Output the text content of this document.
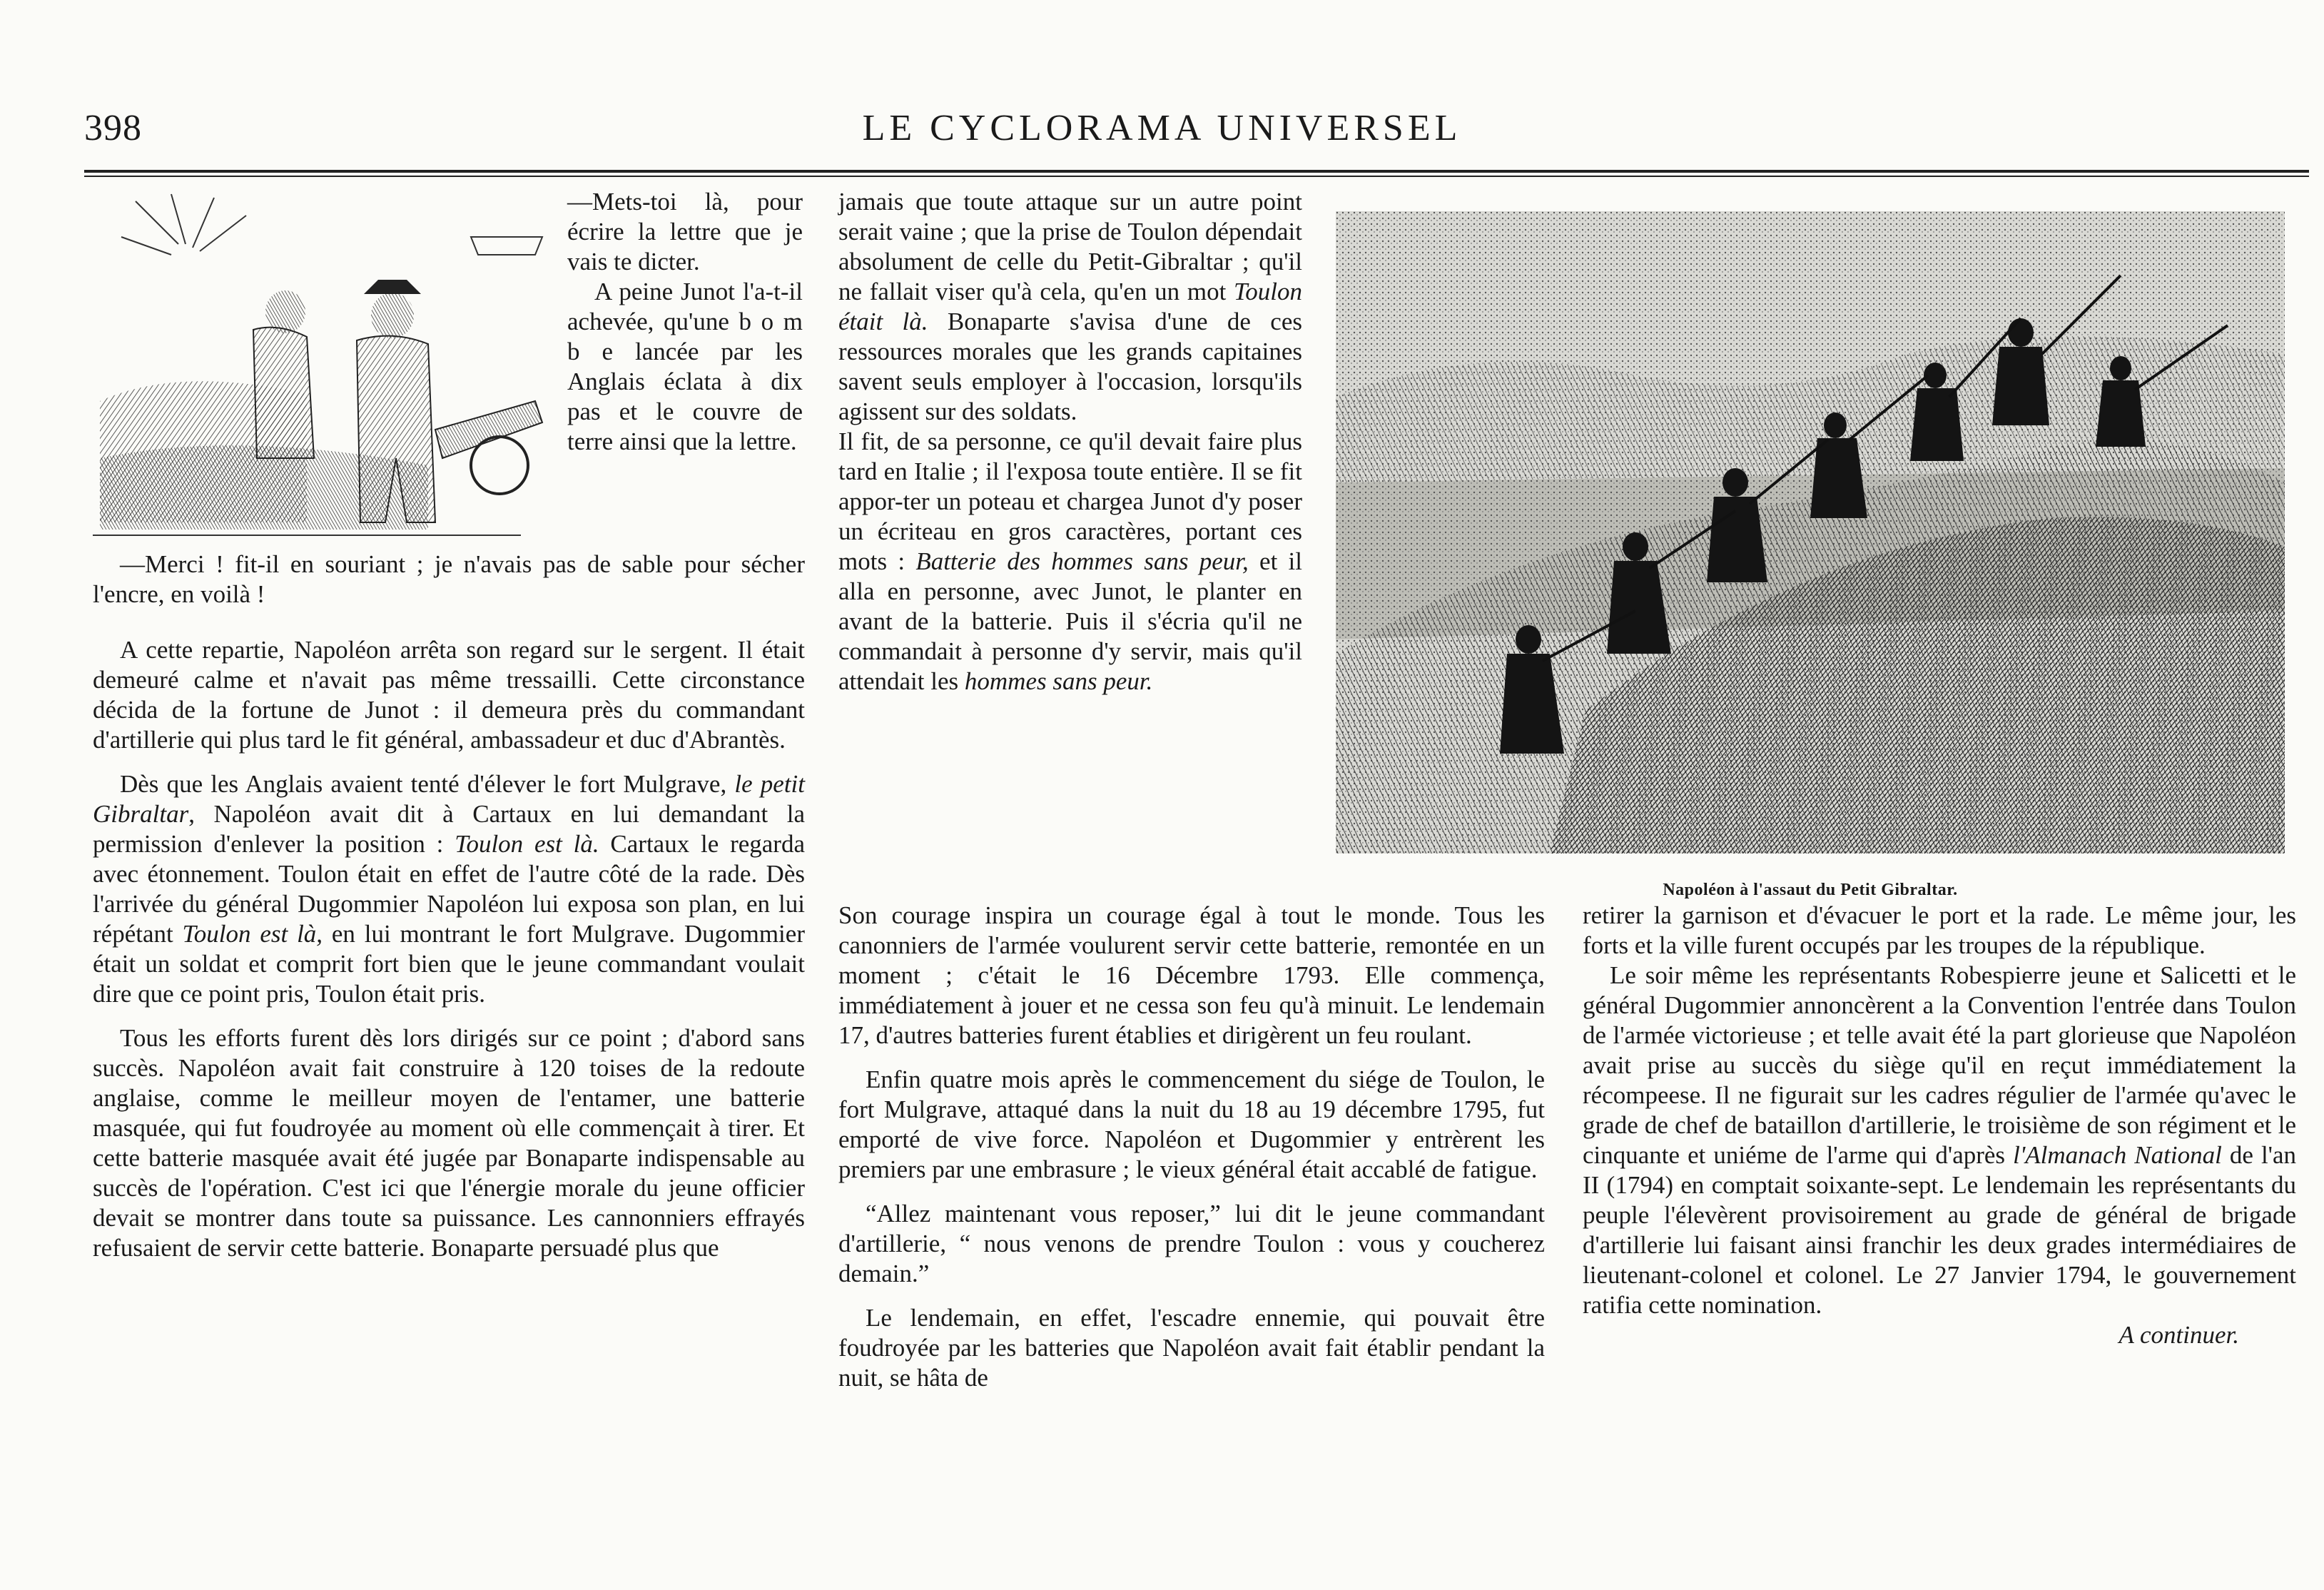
398	LE CYCLORAMA UNIVERSEL

—Mets-toi là, pour écrire la lettre que je vais te dicter.

A peine Junot l'a-t-il achevée, qu'une b o m b e lancée par les Anglais éclata à dix pas et le couvre de terre ainsi que la lettre.

—Merci ! fit-il en souriant ; je n'avais pas de sable pour sécher l'encre, en voilà !

A cette repartie, Napoléon arrêta son regard sur le sergent. Il était demeuré calme et n'avait pas même tressailli. Cette circonstance décida de la fortune de Junot : il demeura près du commandant d'artillerie qui plus tard le fit général, ambassadeur et duc d'Abrantès.

Dès que les Anglais avaient tenté d'élever le fort Mulgrave, le petit Gibraltar, Napoléon avait dit à Cartaux en lui demandant la permission d'enlever la position : Toulon est là. Cartaux le regarda avec étonnement. Toulon était en effet de l'autre côté de la rade. Dès l'arrivée du général Dugommier Napoléon lui exposa son plan, en lui répétant Toulon est là, en lui montrant le fort Mulgrave. Dugommier était un soldat et comprit fort bien que le jeune commandant voulait dire que ce point pris, Toulon était pris.

Tous les efforts furent dès lors dirigés sur ce point ; d'abord sans succès. Napoléon avait fait construire à 120 toises de la redoute anglaise, comme le meilleur moyen de l'entamer, une batterie masquée, qui fut foudroyée au moment où elle commençait à tirer. Et cette batterie masquée avait été jugée par Bonaparte indispensable au succès de l'opération. C'est ici que l'énergie morale du jeune officier devait se montrer dans toute sa puissance. Les cannonniers effrayés refusaient de servir cette batterie. Bonaparte persuadé plus que

jamais que toute attaque sur un autre point serait vaine ; que la prise de Toulon dépendait absolument de celle du Petit-Gibraltar ; qu'il ne fallait viser qu'à cela, qu'en un mot Toulon était là. Bonaparte s'avisa d'une de ces ressources morales que les grands capitaines savent seuls employer à l'occasion, lorsqu'ils agissent sur des soldats.

Il fit, de sa personne, ce qu'il devait faire plus tard en Italie ; il l'exposa toute entière. Il se fit appor-ter un poteau et chargea Junot d'y poser un écriteau en gros caractères, portant ces mots : Batterie des hommes sans peur, et il alla en personne, avec Junot, le planter en avant de la batterie. Puis il s'écria qu'il ne commandait à personne d'y servir, mais qu'il attendait les hommes sans peur.

Napoléon à l'assaut du Petit Gibraltar.

Son courage inspira un courage égal à tout le monde. Tous les canonniers de l'armée voulurent servir cette batterie, remontée en un moment ; c'était le 16 Décembre 1793. Elle commença, immédiatement à jouer et ne cessa son feu qu'à minuit. Le lendemain 17, d'autres batteries furent établies et dirigèrent un feu roulant.

Enfin quatre mois après le commencement du siége de Toulon, le fort Mulgrave, attaqué dans la nuit du 18 au 19 décembre 1795, fut emporté de vive force. Napoléon et Dugommier y entrèrent les premiers par une embrasure ; le vieux général était accablé de fatigue.

“Allez maintenant vous reposer,” lui dit le jeune commandant d'artillerie, “ nous venons de prendre Toulon : vous y coucherez demain.”

Le lendemain, en effet, l'escadre ennemie, qui pouvait être foudroyée par les batteries que Napoléon avait fait établir pendant la nuit, se hâta de

retirer la garnison et d'évacuer le port et la rade. Le même jour, les forts et la ville furent occupés par les troupes de la république.

Le soir même les représentants Robespierre jeune et Salicetti et le général Dugommier annoncèrent a la Convention l'entrée dans Toulon de l'armée victorieuse ; et telle avait été la part glorieuse que Napoléon avait prise au succès du siège qu'il en reçut immédiatement la récompeese. Il ne figurait sur les cadres régulier de l'armée qu'avec le grade de chef de bataillon d'artillerie, le troisième de son régiment et le cinquante et uniéme de l'arme qui d'après l'Almanach National de l'an II (1794) en comptait soixante-sept. Le lendemain les représentants du peuple l'élevèrent provisoirement au grade de général de brigade d'artillerie lui faisant ainsi franchir les deux grades intermédiaires de lieutenant-colonel et colonel. Le 27 Janvier 1794, le gouvernement ratifia cette nomination.

A continuer.
